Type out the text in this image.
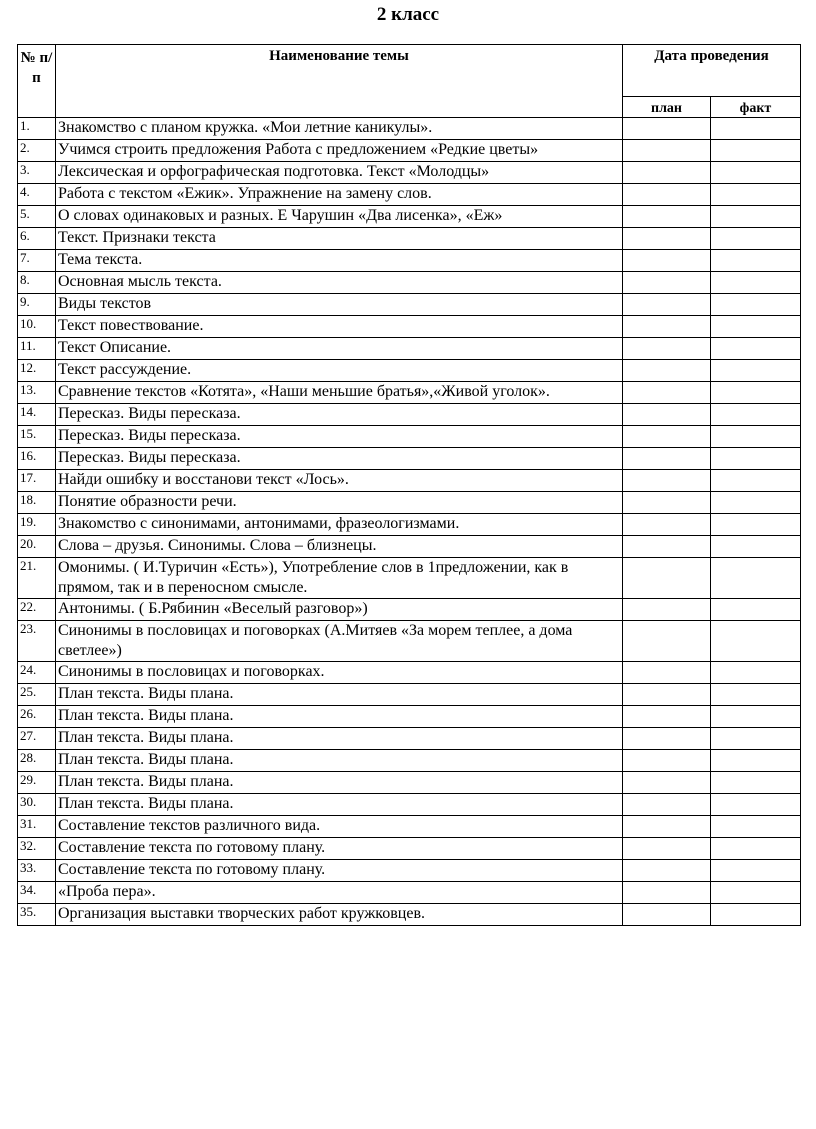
2 класс
№ п/п	Наименование темы	Дата проведения	
		план	факт
1.	Знакомство с планом кружка. «Мои летние каникулы».		
2.	Учимся строить предложения Работа с предложением «Редкие цветы»		
3.	Лексическая и орфографическая подготовка. Текст «Молодцы»		
4.	Работа с текстом «Ежик». Упражнение на замену слов.		
5.	О словах одинаковых и разных. Е Чарушин «Два лисенка», «Еж»		
6.	Текст. Признаки текста		
7.	Тема текста.		
8.	Основная мысль текста.		
9.	Виды текстов		
10.	Текст повествование.		
11.	Текст Описание.		
12.	Текст рассуждение.		
13.	Сравнение текстов «Котята», «Наши меньшие братья»,«Живой уголок».		
14.	Пересказ. Виды пересказа.		
15.	Пересказ. Виды пересказа.		
16.	Пересказ. Виды пересказа.		
17.	Найди ошибку и восстанови текст «Лось».		
18.	Понятие образности речи.		
19.	Знакомство с синонимами, антонимами, фразеологизмами.		
20.	Слова – друзья. Синонимы. Слова – близнецы.		
21.	Омонимы. ( И.Туричин «Есть»), Употребление слов в 1предложении, как в прямом, так и в переносном смысле.		
22.	Антонимы. ( Б.Рябинин «Веселый разговор»)		
23.	Синонимы в пословицах и поговорках (А.Митяев «За морем теплее, а дома светлее»)		
24.	Синонимы в пословицах и поговорках.		
25.	План текста. Виды плана.		
26.	План текста. Виды плана.		
27.	План текста. Виды плана.		
28.	План текста. Виды плана.		
29.	План текста. Виды плана.		
30.	План текста. Виды плана.		
31.	Составление текстов различного вида.		
32.	Составление текста по готовому плану.		
33.	Составление текста по готовому плану.		
34.	«Проба пера».		
35.	Организация выставки творческих работ кружковцев.		
